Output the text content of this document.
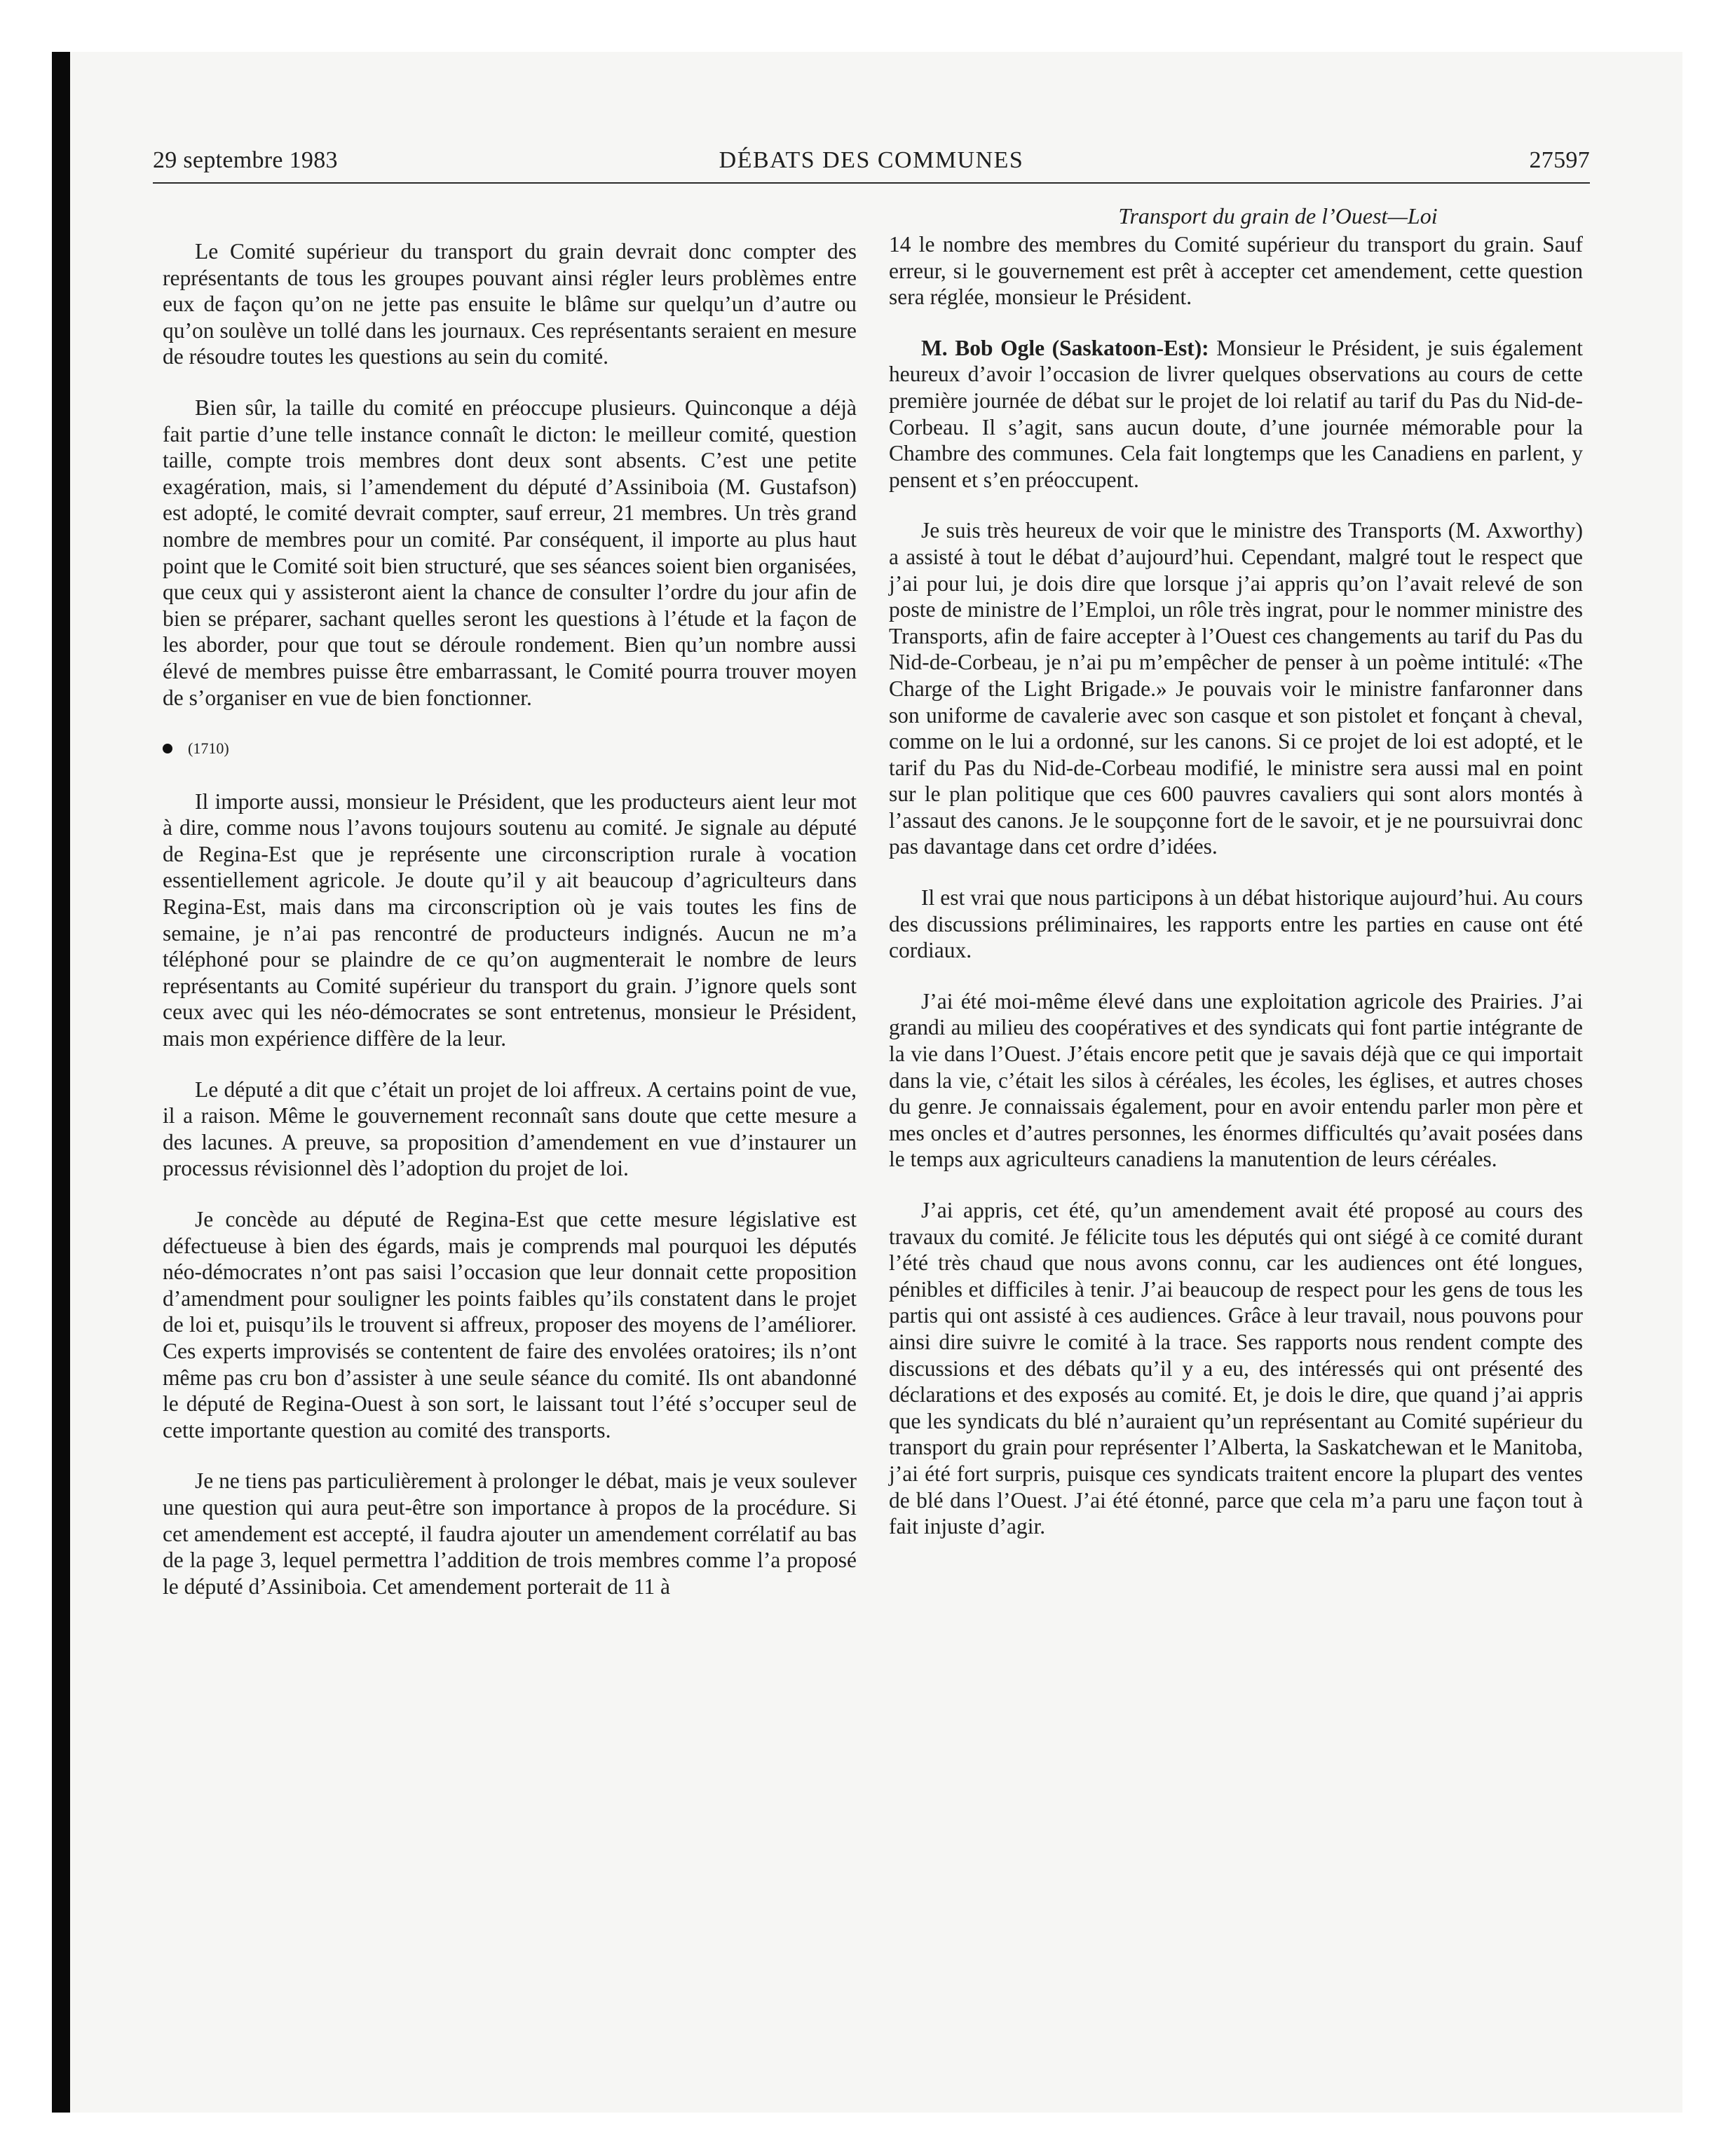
29 septembre 1983	DÉBATS DES COMMUNES	27597

Le Comité supérieur du transport du grain devrait donc compter des représentants de tous les groupes pouvant ainsi régler leurs problèmes entre eux de façon qu’on ne jette pas ensuite le blâme sur quelqu’un d’autre ou qu’on soulève un tollé dans les journaux. Ces représentants seraient en mesure de résoudre toutes les questions au sein du comité.

Bien sûr, la taille du comité en préoccupe plusieurs. Quinconque a déjà fait partie d’une telle instance connaît le dicton: le meilleur comité, question taille, compte trois membres dont deux sont absents. C’est une petite exagération, mais, si l’amendement du député d’Assiniboia (M. Gustafson) est adopté, le comité devrait compter, sauf erreur, 21 membres. Un très grand nombre de membres pour un comité. Par conséquent, il importe au plus haut point que le Comité soit bien structuré, que ses séances soient bien organisées, que ceux qui y assisteront aient la chance de consulter l’ordre du jour afin de bien se préparer, sachant quelles seront les questions à l’étude et la façon de les aborder, pour que tout se déroule rondement. Bien qu’un nombre aussi élevé de membres puisse être embarrassant, le Comité pourra trouver moyen de s’organiser en vue de bien fonctionner.

(1710)

Il importe aussi, monsieur le Président, que les producteurs aient leur mot à dire, comme nous l’avons toujours soutenu au comité. Je signale au député de Regina-Est que je représente une circonscription rurale à vocation essentiellement agricole. Je doute qu’il y ait beaucoup d’agriculteurs dans Regina-Est, mais dans ma circonscription où je vais toutes les fins de semaine, je n’ai pas rencontré de producteurs indignés. Aucun ne m’a téléphoné pour se plaindre de ce qu’on augmenterait le nombre de leurs représentants au Comité supérieur du transport du grain. J’ignore quels sont ceux avec qui les néo-démocrates se sont entretenus, monsieur le Président, mais mon expérience diffère de la leur.

Le député a dit que c’était un projet de loi affreux. A certains point de vue, il a raison. Même le gouvernement reconnaît sans doute que cette mesure a des lacunes. A preuve, sa proposition d’amendement en vue d’instaurer un processus révisionnel dès l’adoption du projet de loi.

Je concède au député de Regina-Est que cette mesure législative est défectueuse à bien des égards, mais je comprends mal pourquoi les députés néo-démocrates n’ont pas saisi l’occasion que leur donnait cette proposition d’amendment pour souligner les points faibles qu’ils constatent dans le projet de loi et, puisqu’ils le trouvent si affreux, proposer des moyens de l’améliorer. Ces experts improvisés se contentent de faire des envolées oratoires; ils n’ont même pas cru bon d’assister à une seule séance du comité. Ils ont abandonné le député de Regina-Ouest à son sort, le laissant tout l’été s’occuper seul de cette importante question au comité des transports.

Je ne tiens pas particulièrement à prolonger le débat, mais je veux soulever une question qui aura peut-être son importance à propos de la procédure. Si cet amendement est accepté, il faudra ajouter un amendement corrélatif au bas de la page 3, lequel permettra l’addition de trois membres comme l’a proposé le député d’Assiniboia. Cet amendement porterait de 11 à

Transport du grain de l’Ouest—Loi

14 le nombre des membres du Comité supérieur du transport du grain. Sauf erreur, si le gouvernement est prêt à accepter cet amendement, cette question sera réglée, monsieur le Président.

M. Bob Ogle (Saskatoon-Est): Monsieur le Président, je suis également heureux d’avoir l’occasion de livrer quelques observations au cours de cette première journée de débat sur le projet de loi relatif au tarif du Pas du Nid-de-Corbeau. Il s’agit, sans aucun doute, d’une journée mémorable pour la Chambre des communes. Cela fait longtemps que les Canadiens en parlent, y pensent et s’en préoccupent.

Je suis très heureux de voir que le ministre des Transports (M. Axworthy) a assisté à tout le débat d’aujourd’hui. Cependant, malgré tout le respect que j’ai pour lui, je dois dire que lorsque j’ai appris qu’on l’avait relevé de son poste de ministre de l’Emploi, un rôle très ingrat, pour le nommer ministre des Transports, afin de faire accepter à l’Ouest ces changements au tarif du Pas du Nid-de-Corbeau, je n’ai pu m’empêcher de penser à un poème intitulé: «The Charge of the Light Brigade.» Je pouvais voir le ministre fanfaronner dans son uniforme de cavalerie avec son casque et son pistolet et fonçant à cheval, comme on le lui a ordonné, sur les canons. Si ce projet de loi est adopté, et le tarif du Pas du Nid-de-Corbeau modifié, le ministre sera aussi mal en point sur le plan politique que ces 600 pauvres cavaliers qui sont alors montés à l’assaut des canons. Je le soupçonne fort de le savoir, et je ne poursuivrai donc pas davantage dans cet ordre d’idées.

Il est vrai que nous participons à un débat historique aujourd’hui. Au cours des discussions préliminaires, les rapports entre les parties en cause ont été cordiaux.

J’ai été moi-même élevé dans une exploitation agricole des Prairies. J’ai grandi au milieu des coopératives et des syndicats qui font partie intégrante de la vie dans l’Ouest. J’étais encore petit que je savais déjà que ce qui importait dans la vie, c’était les silos à céréales, les écoles, les églises, et autres choses du genre. Je connaissais également, pour en avoir entendu parler mon père et mes oncles et d’autres personnes, les énormes difficultés qu’avait posées dans le temps aux agriculteurs canadiens la manutention de leurs céréales.

J’ai appris, cet été, qu’un amendement avait été proposé au cours des travaux du comité. Je félicite tous les députés qui ont siégé à ce comité durant l’été très chaud que nous avons connu, car les audiences ont été longues, pénibles et difficiles à tenir. J’ai beaucoup de respect pour les gens de tous les partis qui ont assisté à ces audiences. Grâce à leur travail, nous pouvons pour ainsi dire suivre le comité à la trace. Ses rapports nous rendent compte des discussions et des débats qu’il y a eu, des intéressés qui ont présenté des déclarations et des exposés au comité. Et, je dois le dire, que quand j’ai appris que les syndicats du blé n’auraient qu’un représentant au Comité supérieur du transport du grain pour représenter l’Alberta, la Saskatchewan et le Manitoba, j’ai été fort surpris, puisque ces syndicats traitent encore la plupart des ventes de blé dans l’Ouest. J’ai été étonné, parce que cela m’a paru une façon tout à fait injuste d’agir.
